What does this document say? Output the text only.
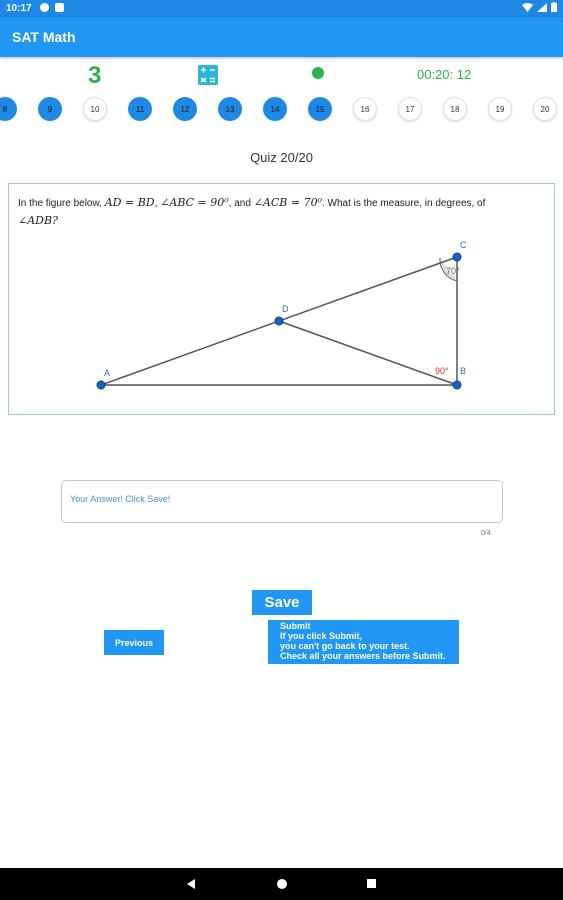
10:17
SAT Math
3	00:20: 12
8	9	10	11	12	13	14	15	16	17	18	19	20
Quiz 20/20
In the figure below, AD = BD, ∠ABC = 90⁰, and ∠ACB = 70⁰. What is the measure, in degrees, of
∠ADB?
A	B
C
D
90°
70°
Your Answer! Click Save!
0/4
Save
Previous
Submit
If you click Submit,
you can't go back to your test.
Check all your answers before Submit.
